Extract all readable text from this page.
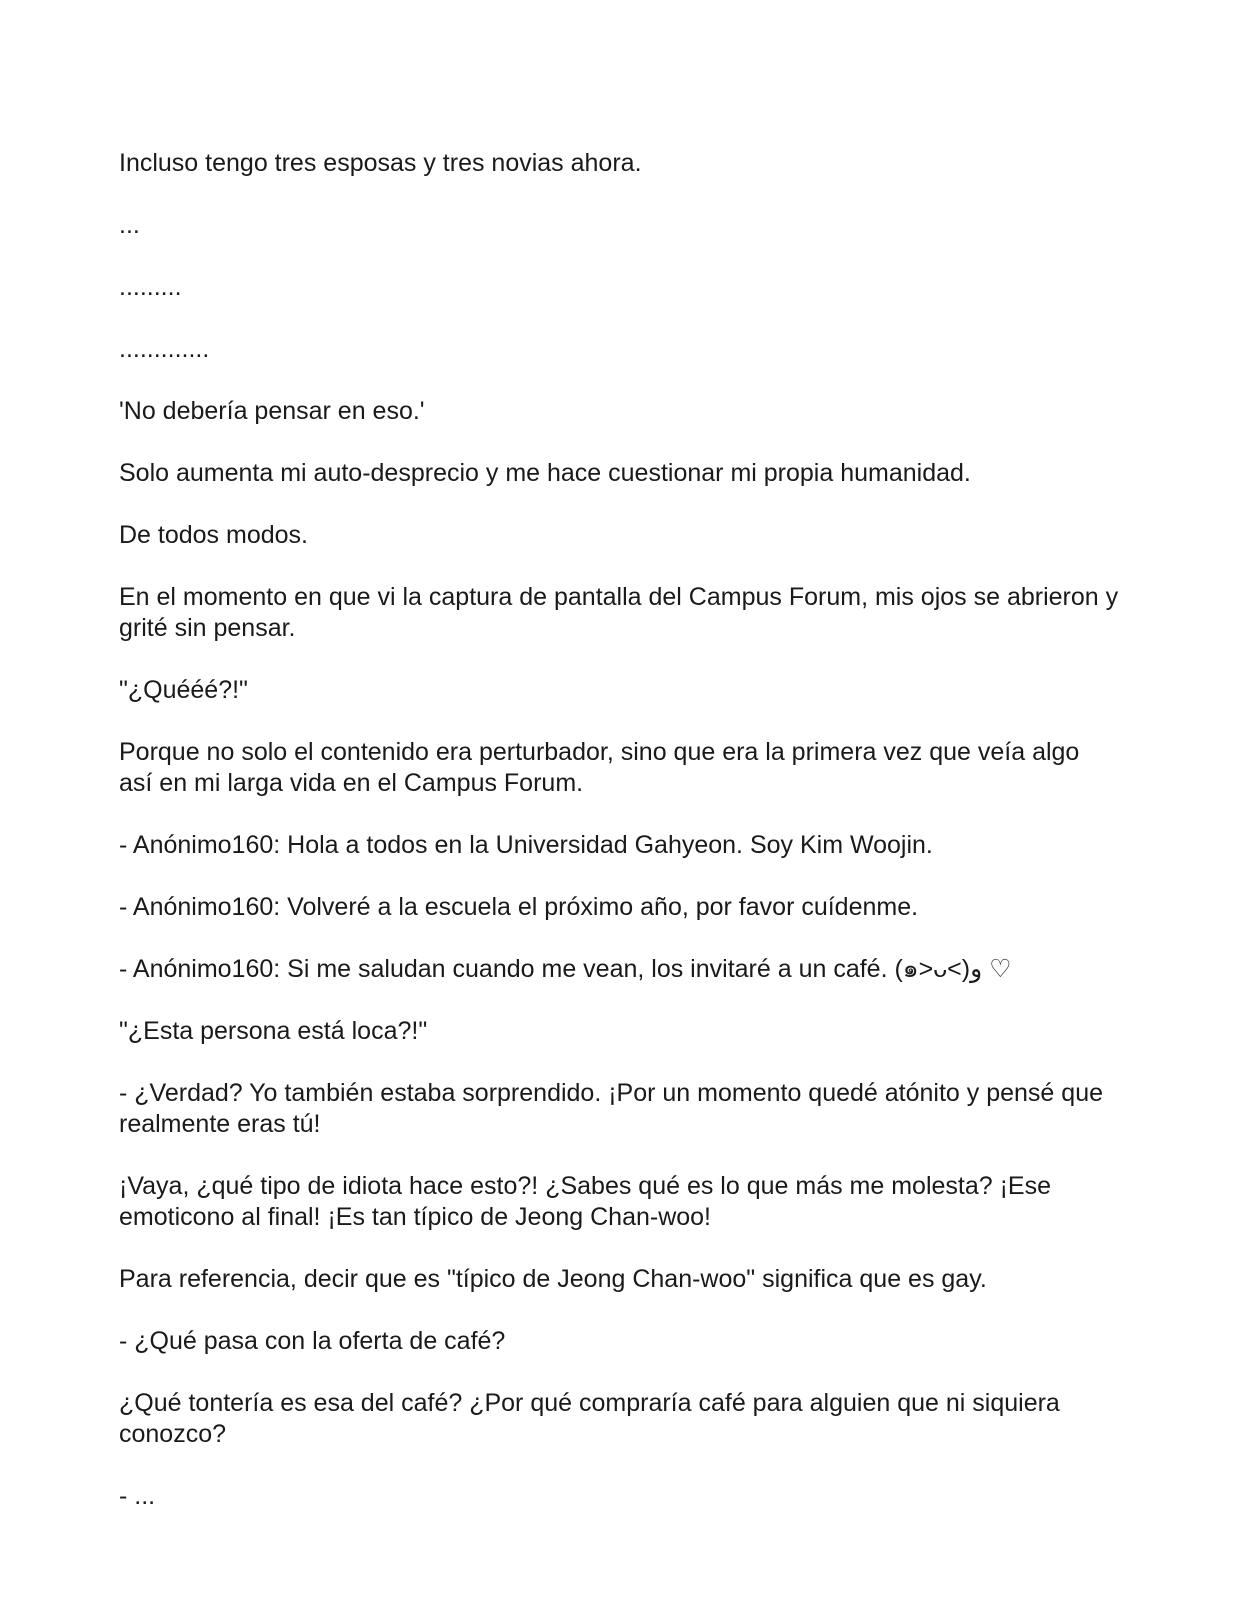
Incluso tengo tres esposas y tres novias ahora.

...

.........

.............

'No debería pensar en eso.'

Solo aumenta mi auto-desprecio y me hace cuestionar mi propia humanidad.

De todos modos.

En el momento en que vi la captura de pantalla del Campus Forum, mis ojos se abrieron y grité sin pensar.

"¿Quééé?!"

Porque no solo el contenido era perturbador, sino que era la primera vez que veía algo así en mi larga vida en el Campus Forum.

- Anónimo160: Hola a todos en la Universidad Gahyeon. Soy Kim Woojin.

- Anónimo160: Volveré a la escuela el próximo año, por favor cuídenme.

- Anónimo160: Si me saludan cuando me vean, los invitaré a un café. (๑>ᴗ<)و ♡

"¿Esta persona está loca?!"

- ¿Verdad? Yo también estaba sorprendido. ¡Por un momento quedé atónito y pensé que realmente eras tú!

¡Vaya, ¿qué tipo de idiota hace esto?! ¿Sabes qué es lo que más me molesta? ¡Ese emoticono al final! ¡Es tan típico de Jeong Chan-woo!

Para referencia, decir que es "típico de Jeong Chan-woo" significa que es gay.

- ¿Qué pasa con la oferta de café?

¿Qué tontería es esa del café? ¿Por qué compraría café para alguien que ni siquiera conozco?

- ...
